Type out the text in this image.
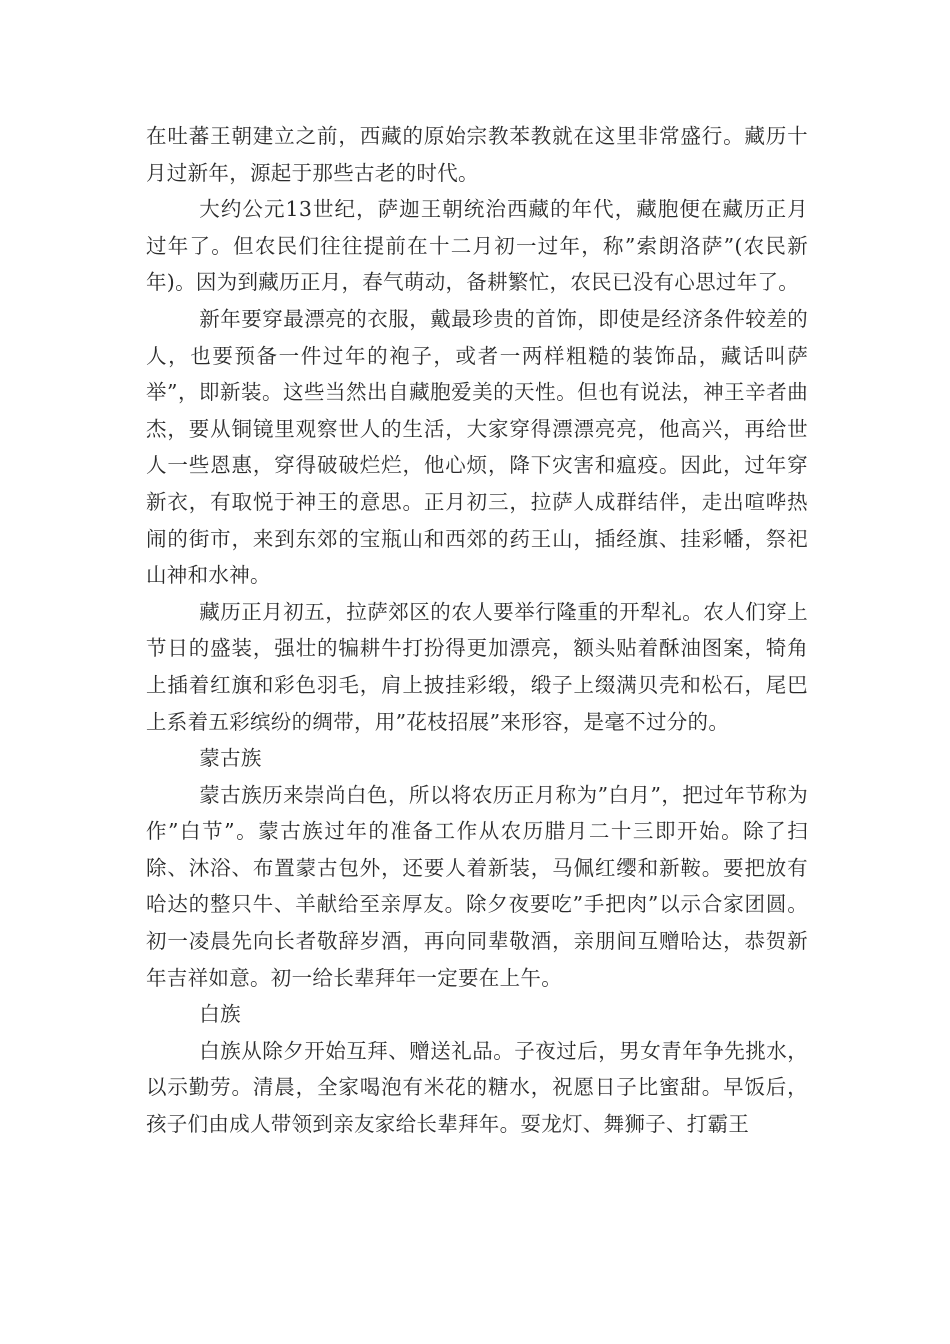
在吐蕃王朝建立之前，西藏的原始宗教苯教就在这里非常盛行。藏历十月过新年，源起于那些古老的时代。

大约公元13世纪，萨迦王朝统治西藏的年代，藏胞便在藏历正月过年了。但农民们往往提前在十二月初一过年，称”索朗洛萨”(农民新年)。因为到藏历正月，春气萌动，备耕繁忙，农民已没有心思过年了。

新年要穿最漂亮的衣服，戴最珍贵的首饰，即使是经济条件较差的人，也要预备一件过年的袍子，或者一两样粗糙的装饰品，藏话叫萨举”，即新装。这些当然出自藏胞爱美的天性。但也有说法，神王辛者曲杰，要从铜镜里观察世人的生活，大家穿得漂漂亮亮，他高兴，再给世人一些恩惠，穿得破破烂烂，他心烦，降下灾害和瘟疫。因此，过年穿新衣，有取悦于神王的意思。正月初三，拉萨人成群结伴，走出喧哗热闹的街市，来到东郊的宝瓶山和西郊的药王山，插经旗、挂彩幡，祭祀山神和水神。

藏历正月初五，拉萨郊区的农人要举行隆重的开犁礼。农人们穿上节日的盛装，强壮的犏耕牛打扮得更加漂亮，额头贴着酥油图案，犄角上插着红旗和彩色羽毛，肩上披挂彩缎，缎子上缀满贝壳和松石，尾巴上系着五彩缤纷的绸带，用”花枝招展”来形容，是毫不过分的。

蒙古族

蒙古族历来崇尚白色，所以将农历正月称为”白月”，把过年节称为作”白节”。蒙古族过年的准备工作从农历腊月二十三即开始。除了扫除、沐浴、布置蒙古包外，还要人着新装，马佩红缨和新鞍。要把放有哈达的整只牛、羊献给至亲厚友。除夕夜要吃”手把肉”以示合家团圆。初一凌晨先向长者敬辞岁酒，再向同辈敬酒，亲朋间互赠哈达，恭贺新年吉祥如意。初一给长辈拜年一定要在上午。

白族

白族从除夕开始互拜、赠送礼品。子夜过后，男女青年争先挑水，以示勤劳。清晨，全家喝泡有米花的糖水，祝愿日子比蜜甜。早饭后，孩子们由成人带领到亲友家给长辈拜年。耍龙灯、舞狮子、打霸王
